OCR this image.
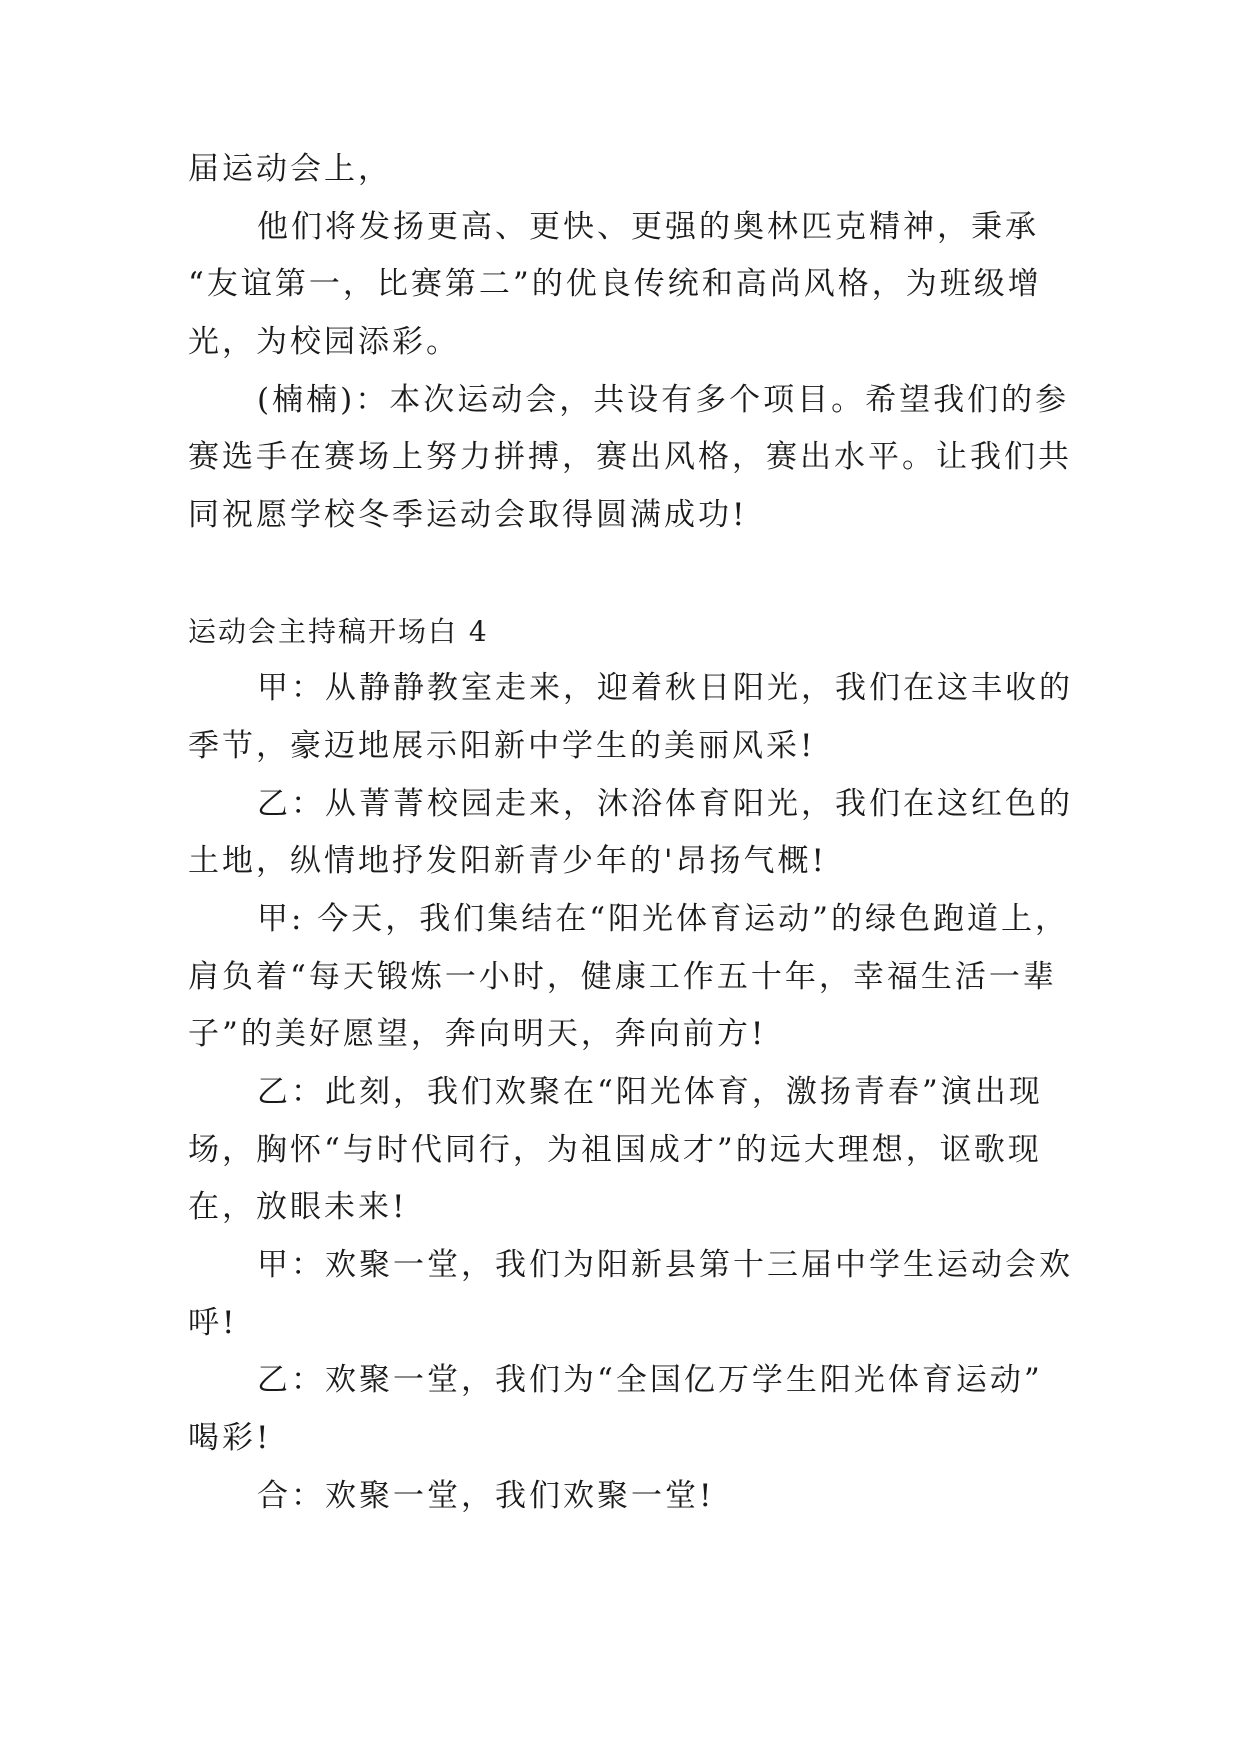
届运动会上，
他们将发扬更高、更快、更强的奥林匹克精神，秉承
“友谊第一，比赛第二”的优良传统和高尚风格，为班级增
光，为校园添彩。
(楠楠)：本次运动会，共设有多个项目。希望我们的参
赛选手在赛场上努力拼搏，赛出风格，赛出水平。让我们共
同祝愿学校冬季运动会取得圆满成功!
运动会主持稿开场白 4
甲：从静静教室走来，迎着秋日阳光，我们在这丰收的
季节，豪迈地展示阳新中学生的美丽风采!
乙：从菁菁校园走来，沐浴体育阳光，我们在这红色的
土地，纵情地抒发阳新青少年的'昂扬气概!
甲: 今天，我们集结在“阳光体育运动”的绿色跑道上，
肩负着“每天锻炼一小时，健康工作五十年，幸福生活一辈
子”的美好愿望，奔向明天，奔向前方!
乙：此刻，我们欢聚在“阳光体育，激扬青春”演出现
场，胸怀“与时代同行，为祖国成才”的远大理想，讴歌现
在，放眼未来!
甲：欢聚一堂，我们为阳新县第十三届中学生运动会欢
呼!
乙：欢聚一堂，我们为“全国亿万学生阳光体育运动”
喝彩!
合：欢聚一堂，我们欢聚一堂!
